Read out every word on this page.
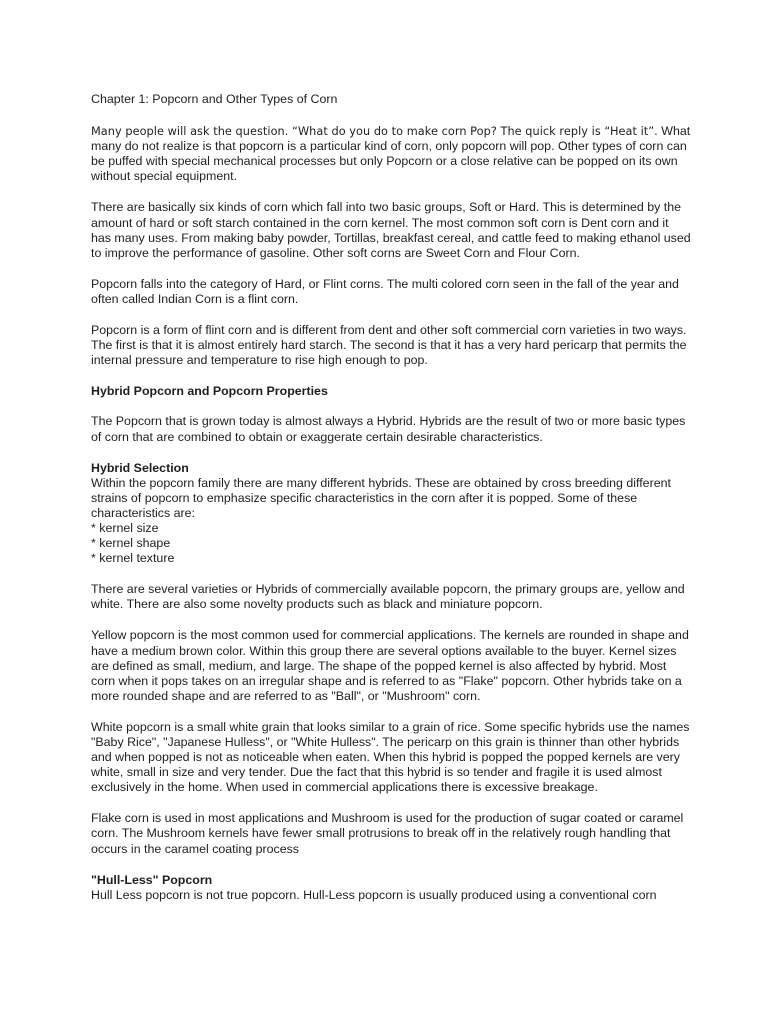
Chapter 1: Popcorn and Other Types of Corn

Many people will ask the question. “What do you do to make corn Pop? The quick reply is “Heat it”. What many do not realize is that popcorn is a particular kind of corn, only popcorn will pop. Other types of corn can be puffed with special mechanical processes but only Popcorn or a close relative can be popped on its own without special equipment.

There are basically six kinds of corn which fall into two basic groups, Soft or Hard. This is determined by the amount of hard or soft starch contained in the corn kernel. The most common soft corn is Dent corn and it has many uses. From making baby powder, Tortillas, breakfast cereal, and cattle feed to making ethanol used to improve the performance of gasoline. Other soft corns are Sweet Corn and Flour Corn.

Popcorn falls into the category of Hard, or Flint corns. The multi colored corn seen in the fall of the year and often called Indian Corn is a flint corn.

Popcorn is a form of flint corn and is different from dent and other soft commercial corn varieties in two ways. The first is that it is almost entirely hard starch. The second is that it has a very hard pericarp that permits the internal pressure and temperature to rise high enough to pop.

Hybrid Popcorn and Popcorn Properties

The Popcorn that is grown today is almost always a Hybrid. Hybrids are the result of two or more basic types of corn that are combined to obtain or exaggerate certain desirable characteristics.

Hybrid Selection

Within the popcorn family there are many different hybrids. These are obtained by cross breeding different strains of popcorn to emphasize specific characteristics in the corn after it is popped. Some of these characteristics are:

* kernel size
* kernel shape
* kernel texture

There are several varieties or Hybrids of commercially available popcorn, the primary groups are, yellow and white. There are also some novelty products such as black and miniature popcorn.

Yellow popcorn is the most common used for commercial applications. The kernels are rounded in shape and have a medium brown color. Within this group there are several options available to the buyer. Kernel sizes are defined as small, medium, and large. The shape of the popped kernel is also affected by hybrid. Most corn when it pops takes on an irregular shape and is referred to as "Flake" popcorn. Other hybrids take on a more rounded shape and are referred to as "Ball", or "Mushroom" corn.

White popcorn is a small white grain that looks similar to a grain of rice. Some specific hybrids use the names "Baby Rice", "Japanese Hulless", or "White Hulless". The pericarp on this grain is thinner than other hybrids and when popped is not as noticeable when eaten. When this hybrid is popped the popped kernels are very white, small in size and very tender. Due the fact that this hybrid is so tender and fragile it is used almost exclusively in the home. When used in commercial applications there is excessive breakage.

Flake corn is used in most applications and Mushroom is used for the production of sugar coated or caramel corn. The Mushroom kernels have fewer small protrusions to break off in the relatively rough handling that occurs in the caramel coating process

"Hull-Less" Popcorn

Hull Less popcorn is not true popcorn. Hull-Less popcorn is usually produced using a conventional corn
